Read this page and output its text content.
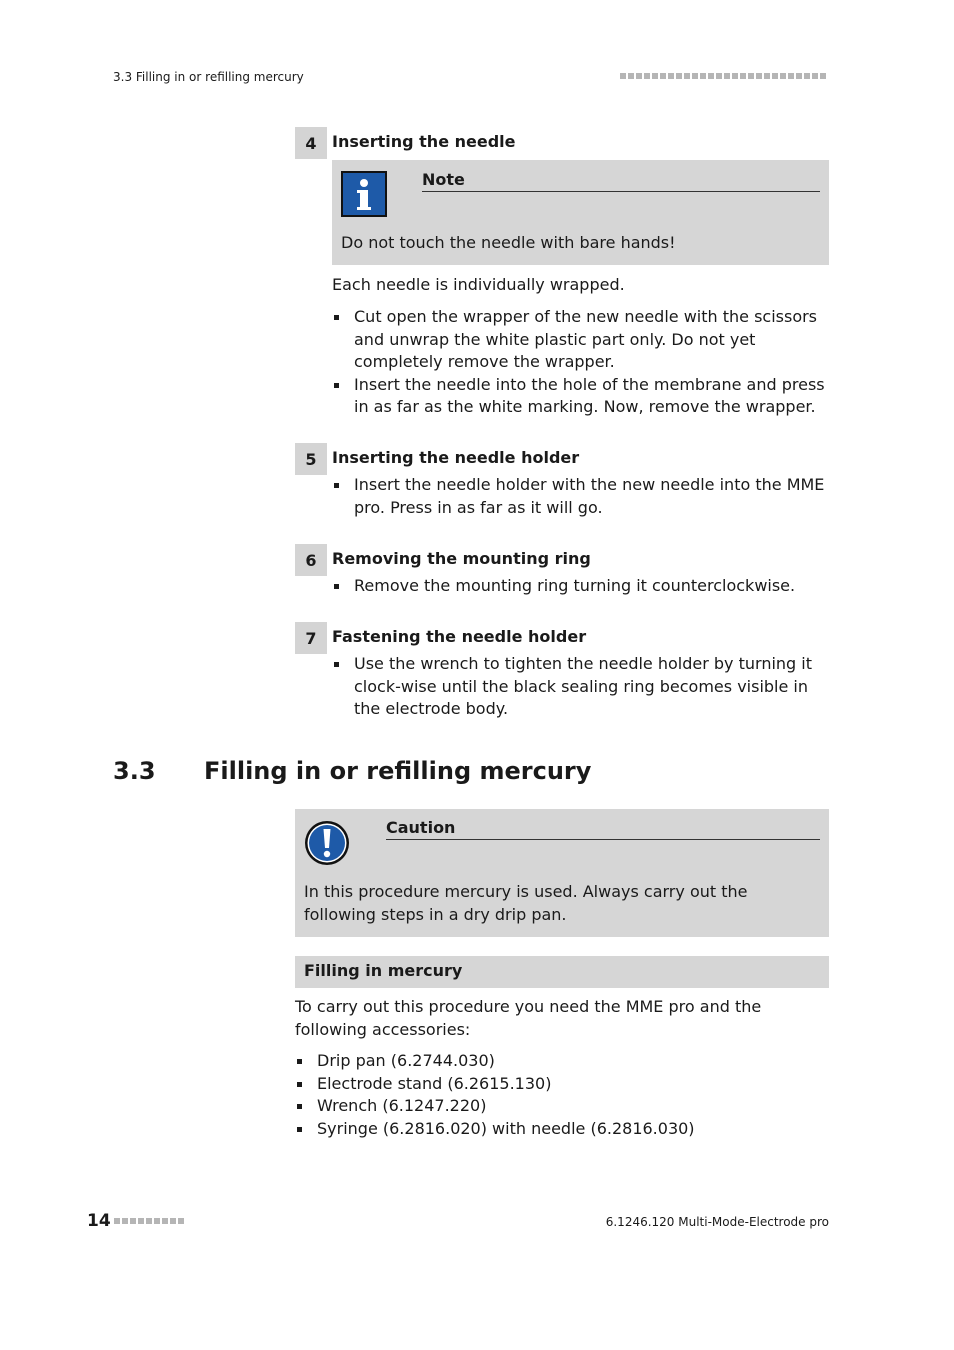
3.3 Filling in or refilling mercury
4 Inserting the needle
Note
Do not touch the needle with bare hands!
Each needle is individually wrapped.
Cut open the wrapper of the new needle with the scissors and unwrap the white plastic part only. Do not yet completely remove the wrapper.
Insert the needle into the hole of the membrane and press in as far as the white marking. Now, remove the wrapper.
5 Inserting the needle holder
Insert the needle holder with the new needle into the MME pro. Press in as far as it will go.
6 Removing the mounting ring
Remove the mounting ring turning it counterclockwise.
7 Fastening the needle holder
Use the wrench to tighten the needle holder by turning it clock-wise until the black sealing ring becomes visible in the electrode body.
3.3 Filling in or refilling mercury
Caution
In this procedure mercury is used. Always carry out the following steps in a dry drip pan.
Filling in mercury
To carry out this procedure you need the MME pro and the following accessories:
Drip pan (6.2744.030)
Electrode stand (6.2615.130)
Wrench (6.1247.220)
Syringe (6.2816.020) with needle (6.2816.030)
14	6.1246.120 Multi-Mode-Electrode pro
